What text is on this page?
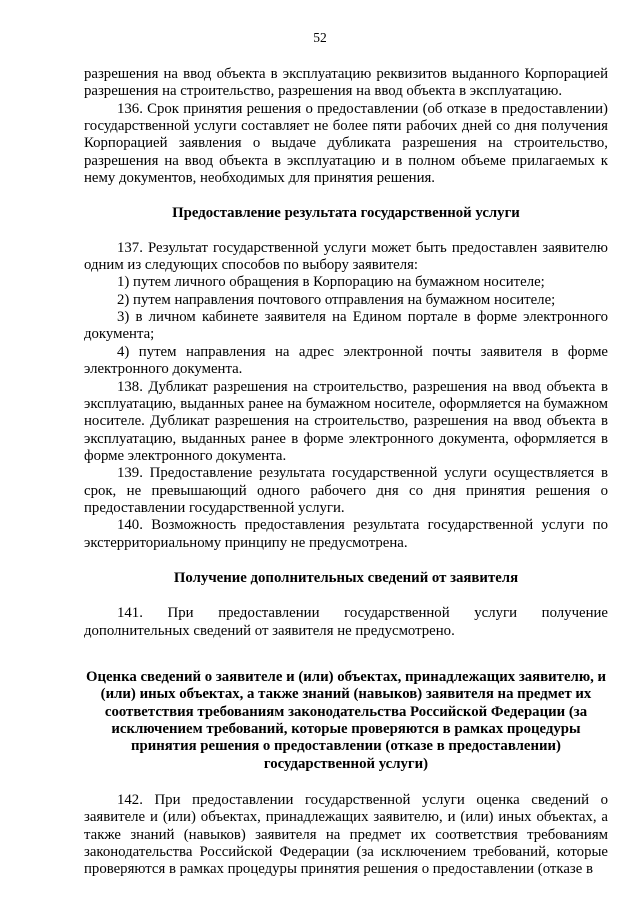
52

разрешения на ввод объекта в эксплуатацию реквизитов выданного Корпорацией разрешения на строительство, разрешения на ввод объекта в эксплуатацию.

136. Срок принятия решения о предоставлении (об отказе в предоставлении) государственной услуги составляет не более пяти рабочих дней со дня получения Корпорацией заявления о выдаче дубликата разрешения на строительство, разрешения на ввод объекта в эксплуатацию и в полном объеме прилагаемых к нему документов, необходимых для принятия решения.

Предоставление результата государственной услуги

137. Результат государственной услуги может быть предоставлен заявителю одним из следующих способов по выбору заявителя:

1) путем личного обращения в Корпорацию на бумажном носителе;

2) путем направления почтового отправления на бумажном носителе;

3) в личном кабинете заявителя на Едином портале в форме электронного документа;

4) путем направления на адрес электронной почты заявителя в форме электронного документа.

138. Дубликат разрешения на строительство, разрешения на ввод объекта в эксплуатацию, выданных ранее на бумажном носителе, оформляется на бумажном носителе. Дубликат разрешения на строительство, разрешения на ввод объекта в эксплуатацию, выданных ранее в форме электронного документа, оформляется в форме электронного документа.

139. Предоставление результата государственной услуги осуществляется в срок, не превышающий одного рабочего дня со дня принятия решения о предоставлении государственной услуги.

140. Возможность предоставления результата государственной услуги по экстерриториальному принципу не предусмотрена.

Получение дополнительных сведений от заявителя

141. При предоставлении государственной услуги получение дополнительных сведений от заявителя не предусмотрено.

Оценка сведений о заявителе и (или) объектах, принадлежащих заявителю, и (или) иных объектах, а также знаний (навыков) заявителя на предмет их соответствия требованиям законодательства Российской Федерации (за исключением требований, которые проверяются в рамках процедуры принятия решения о предоставлении (отказе в предоставлении) государственной услуги)

142. При предоставлении государственной услуги оценка сведений о заявителе и (или) объектах, принадлежащих заявителю, и (или) иных объектах, а также знаний (навыков) заявителя на предмет их соответствия требованиям законодательства Российской Федерации (за исключением требований, которые проверяются в рамках процедуры принятия решения о предоставлении (отказе в
